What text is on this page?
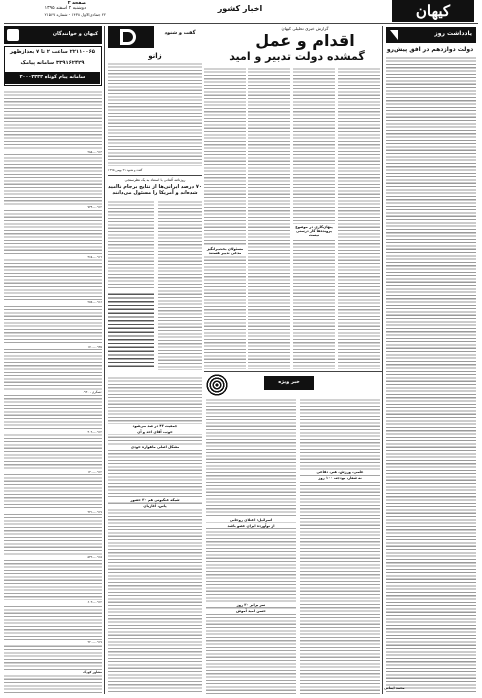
صفحه ۲
دوشنبه ۲ اسفند ۱۳۹۵
۲۲ جمادی‌الاول ۱۴۳۸ - شماره ۲۱۵۶۷
اخبار کشور	کیهان
یادداشت روز
دولت دوازدهم در افق پیش‌رو
گزارش خبری تحلیلی کیهان
اقدام و عمل
گمشده دولت تدبیر و امید
پنهان‌کاری در موضوع پرونده‌ها کار درستی نیست
مسئولان بحث‌برانگیز مدعی تدبیر هستند
گفت و شنود
زانو
گفت و شنود ۲۱ بهمن ۱۳۹۵
روزنامه آلمانی با استناد به یک نظرسنجی
۷۰ درصد ایرانی‌ها از نتایج برجام ناامید شده‌اند و آمریکا را مسئول می‌دانند
کیهان و خوانندگان
۲۲۱۱۰۰۶۵ ساعت ۲ تا ۷ بعدازظهر
۳۳۹۱۶۲۴۲۹ سامانه پیامک
سامانه پیام کوتاه ۳۰۰۰۳۴۳۴
۰۹۱۳---۲۸۸
۰۹۱۲---۷۳۴
۰۹۱۹---۴۶۸
۰۹۱۶---۲۸۷
۰۹۳۵---۱۷۰
عسگری - ۰۹۳۰
۰۹۱۲---۴۰۹
۰۹۱۲---۱۳۰
۰۹۱۷---۹۳۱
۰۹۱۵---۵۴۲
۰۹۱۲---۶۰۳
۰۹۱۷---۹۲۰
مشاور کودک
خبر ویژه
علمی، ورزش، هنر، دفاعی
نه شعار، بودجه، ۱۰۰ روز
اسرائیل: اعتلای روحانی
از نوآورده ایران عضو باشد
مشکل اصلی ماهواره خودی
سر برابر ۳۰ روز
حسن امید آموش
جمعیت ۴۳ در صد می‌شود
خوب، آقای احد و آن
شبکه عنکبوتی هم ۳۰ حضور
پاس، آغازیان
محمد ایمانی
